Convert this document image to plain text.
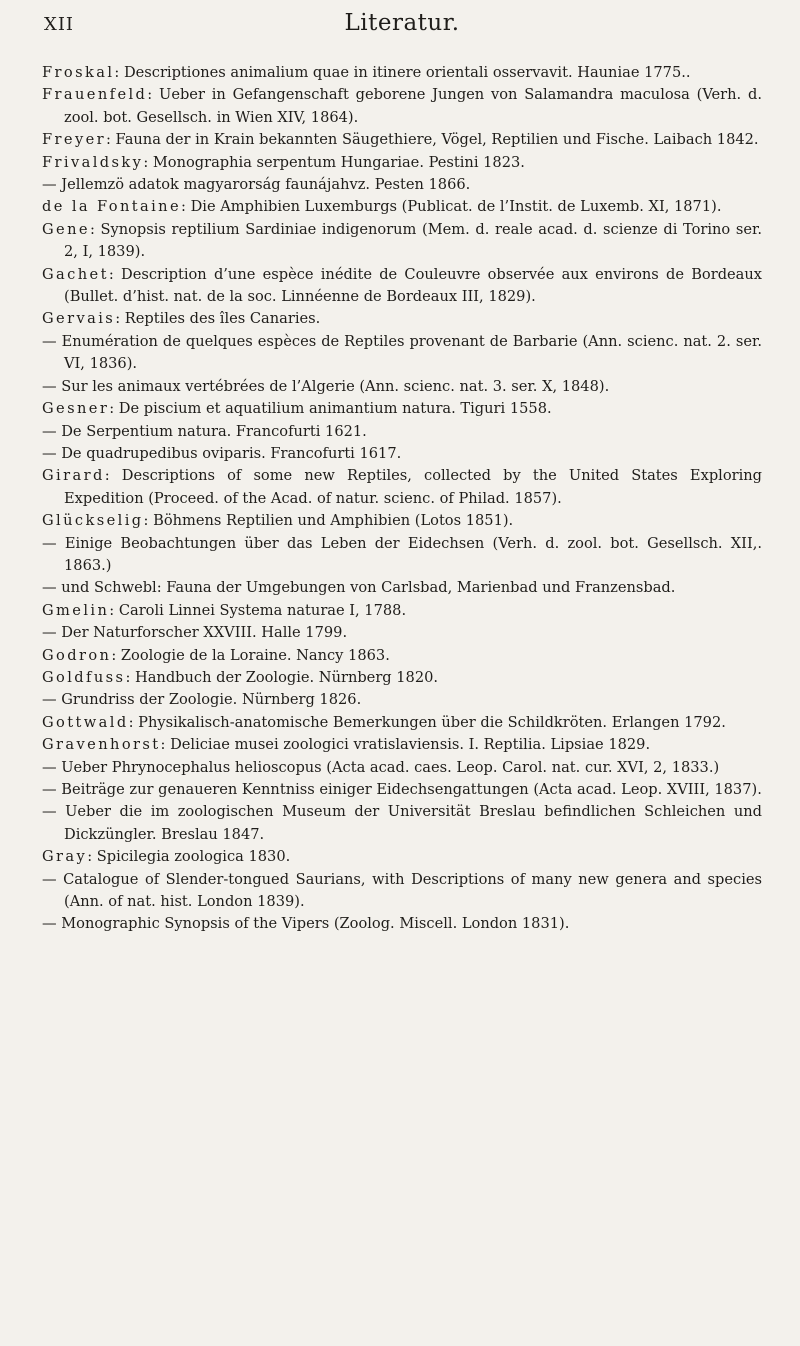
XII	Literatur.
Froskal: Descriptiones animalium quae in itinere orientali osservavit. Hauniae 1775..
Frauenfeld: Ueber in Gefangenschaft geborene Jungen von Salamandra maculosa (Verh. d. zool. bot. Gesellsch. in Wien XIV, 1864).
Freyer: Fauna der in Krain bekannten Säugethiere, Vögel, Reptilien und Fische. Laibach 1842.
Frivaldsky: Monographia serpentum Hungariae. Pestini 1823.
— Jellemzö adatok magyarorság faunájahvz. Pesten 1866.
de la Fontaine: Die Amphibien Luxemburgs (Publicat. de l’Instit. de Luxemb. XI, 1871).
Gene: Synopsis reptilium Sardiniae indigenorum (Mem. d. reale acad. d. scienze di Torino ser. 2, I, 1839).
Gachet: Description d’une espèce inédite de Couleuvre observée aux environs de Bordeaux (Bullet. d’hist. nat. de la soc. Linnéenne de Bordeaux III, 1829).
Gervais: Reptiles des îles Canaries.
— Enumération de quelques espèces de Reptiles provenant de Barbarie (Ann. scienc. nat. 2. ser. VI, 1836).
— Sur les animaux vertébrées de l’Algerie (Ann. scienc. nat. 3. ser. X, 1848).
Gesner: De piscium et aquatilium animantium natura. Tiguri 1558.
— De Serpentium natura. Francofurti 1621.
— De quadrupedibus oviparis. Francofurti 1617.
Girard: Descriptions of some new Reptiles, collected by the United States Exploring Expedition (Proceed. of the Acad. of natur. scienc. of Philad. 1857).
Glückselig: Böhmens Reptilien und Amphibien (Lotos 1851).
— Einige Beobachtungen über das Leben der Eidechsen (Verh. d. zool. bot. Gesellsch. XII,. 1863.)
— und Schwebl: Fauna der Umgebungen von Carlsbad, Marienbad und Franzensbad.
Gmelin: Caroli Linnei Systema naturae I, 1788.
— Der Naturforscher XXVIII. Halle 1799.
Godron: Zoologie de la Loraine. Nancy 1863.
Goldfuss: Handbuch der Zoologie. Nürnberg 1820.
— Grundriss der Zoologie. Nürnberg 1826.
Gottwald: Physikalisch-anatomische Bemerkungen über die Schildkröten. Erlangen 1792.
Gravenhorst: Deliciae musei zoologici vratislaviensis. I. Reptilia. Lipsiae 1829.
— Ueber Phrynocephalus helioscopus (Acta acad. caes. Leop. Carol. nat. cur. XVI, 2, 1833.)
— Beiträge zur genaueren Kenntniss einiger Eidechsengattungen (Acta acad. Leop. XVIII, 1837).
— Ueber die im zoologischen Museum der Universität Breslau befindlichen Schleichen und Dickzüngler. Breslau 1847.
Gray: Spicilegia zoologica 1830.
— Catalogue of Slender-tongued Saurians, with Descriptions of many new genera and species (Ann. of nat. hist. London 1839).
— Monographic Synopsis of the Vipers (Zoolog. Miscell. London 1831).
